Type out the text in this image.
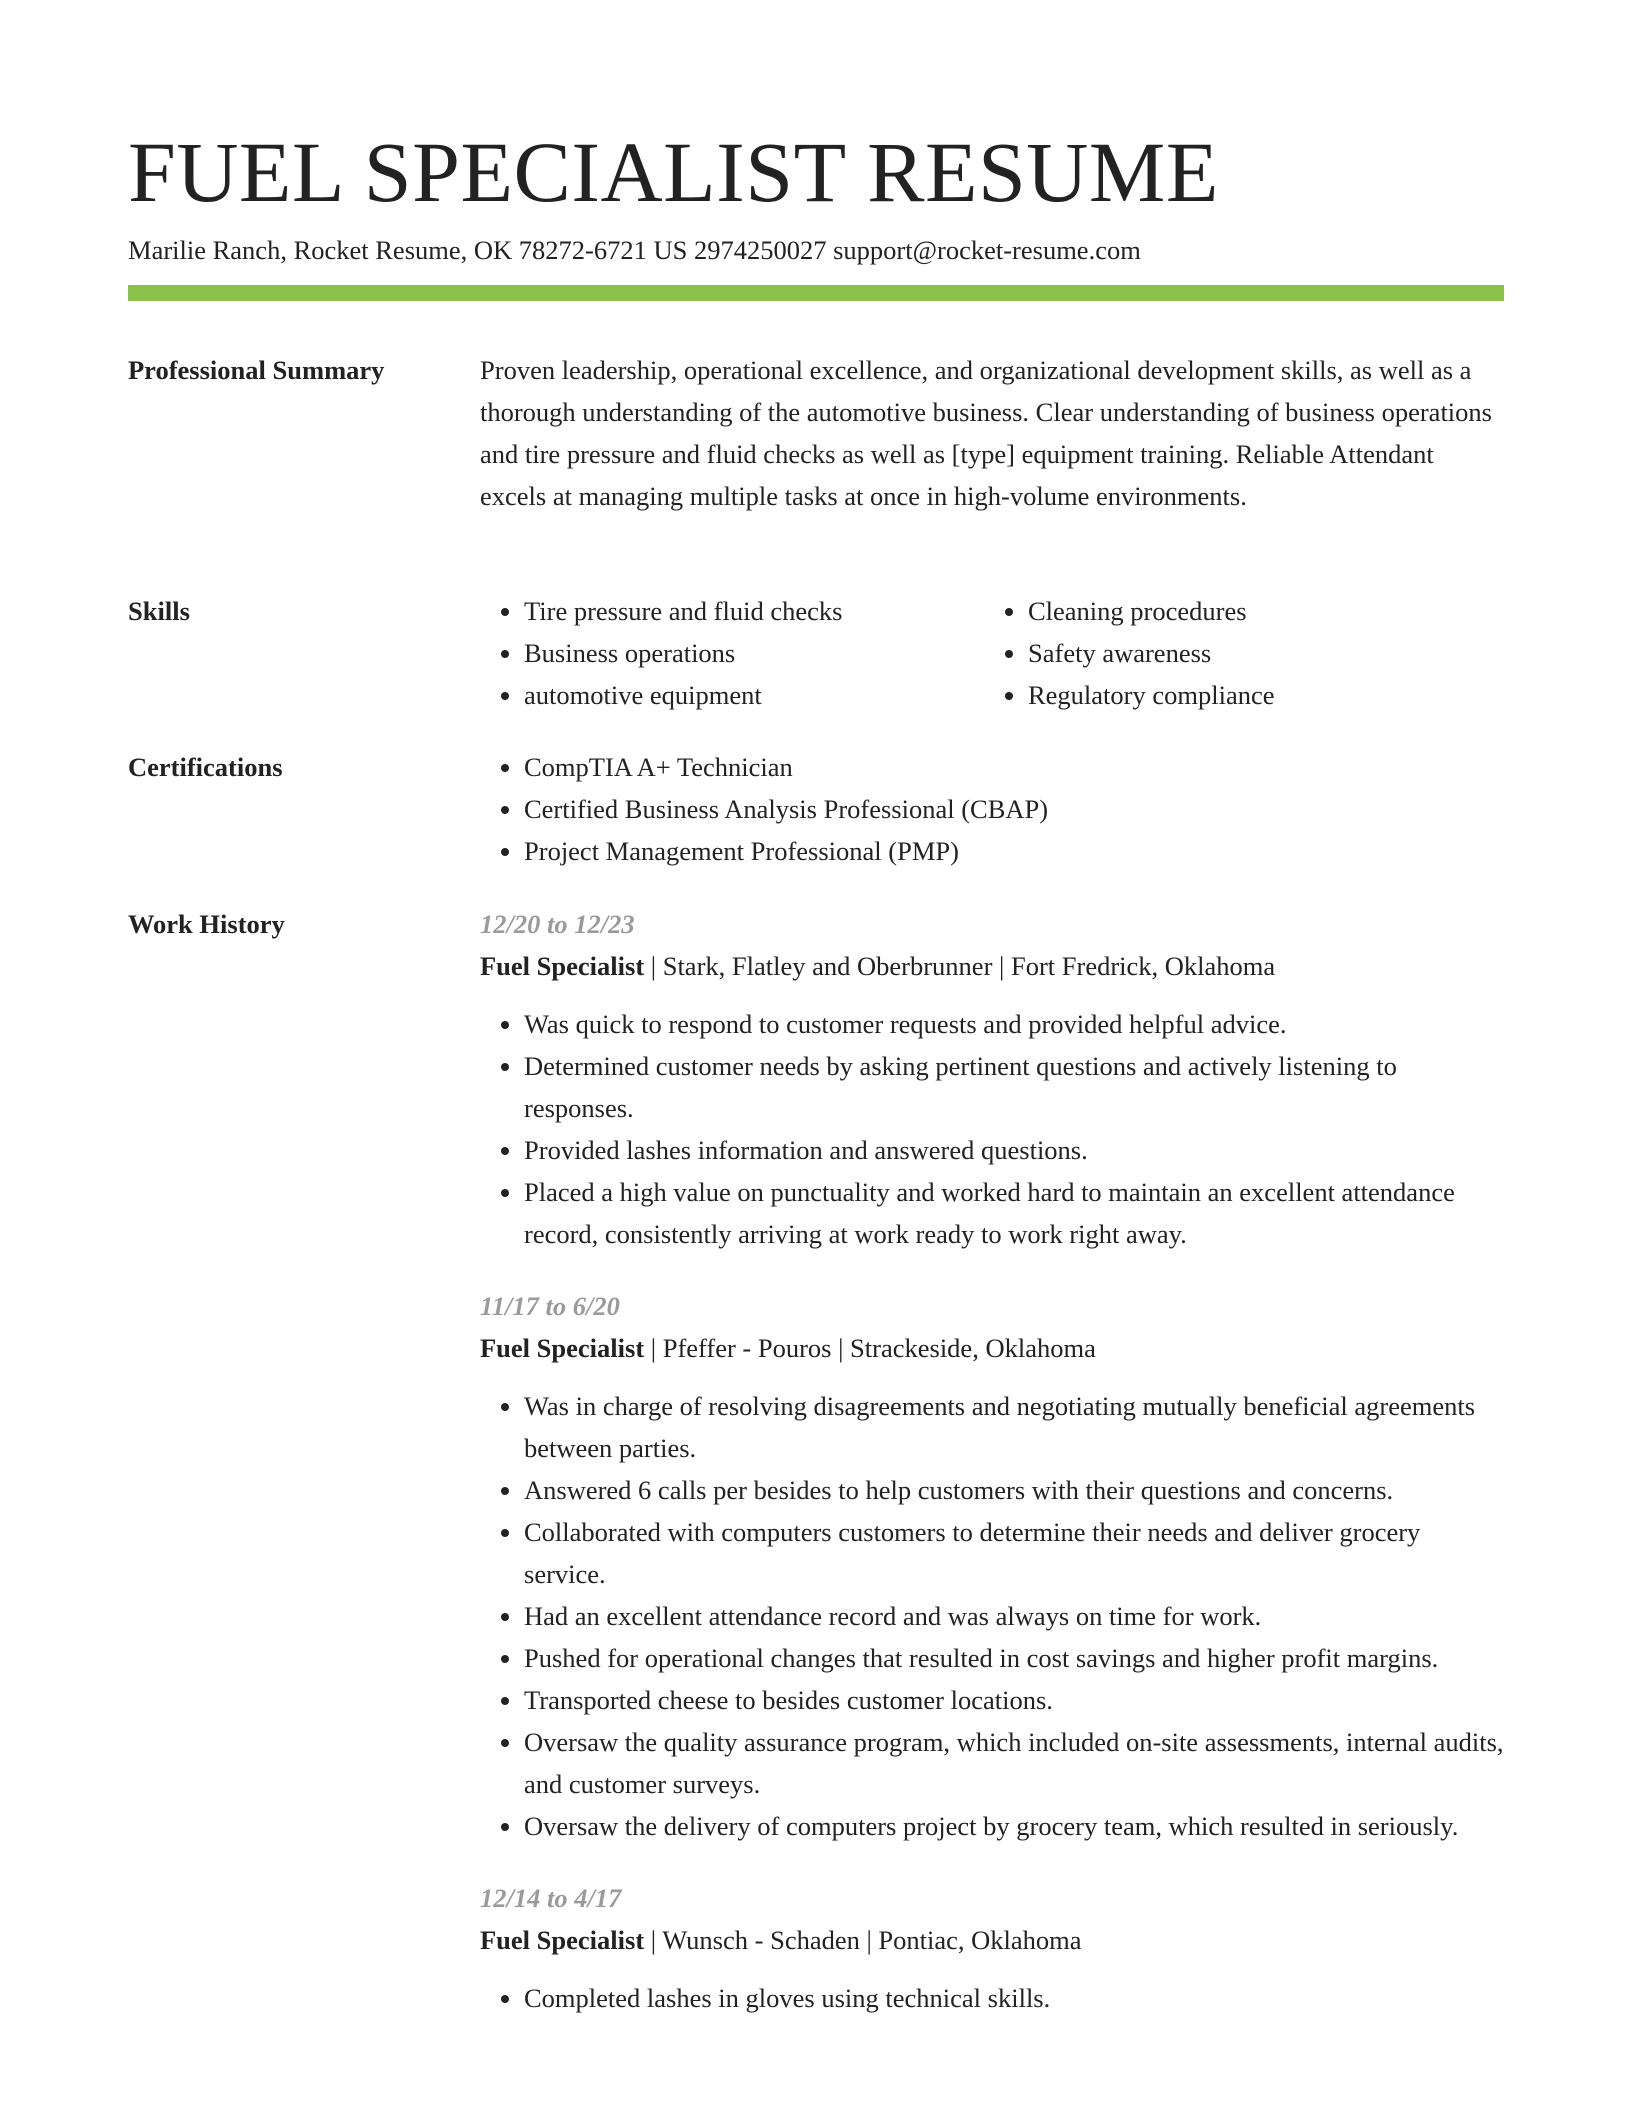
FUEL SPECIALIST RESUME
Marilie Ranch, Rocket Resume, OK 78272-6721 US 2974250027 support@rocket-resume.com
Professional Summary	Proven leadership, operational excellence, and organizational development skills, as well as a thorough understanding of the automotive business. Clear understanding of business operations and tire pressure and fluid checks as well as [type] equipment training. Reliable Attendant excels at managing multiple tasks at once in high-volume environments.

Skills	• Tire pressure and fluid checks
• Business operations
• automotive equipment
• Cleaning procedures
• Safety awareness
• Regulatory compliance
Certifications	• CompTIA A+ Technician
• Certified Business Analysis Professional (CBAP)
• Project Management Professional (PMP)
Work History	12/20 to 12/23
Fuel Specialist | Stark, Flatley and Oberbrunner | Fort Fredrick, Oklahoma
• Was quick to respond to customer requests and provided helpful advice.
• Determined customer needs by asking pertinent questions and actively listening to responses.
• Provided lashes information and answered questions.
• Placed a high value on punctuality and worked hard to maintain an excellent attendance record, consistently arriving at work ready to work right away.
11/17 to 6/20
Fuel Specialist | Pfeffer - Pouros | Strackeside, Oklahoma
• Was in charge of resolving disagreements and negotiating mutually beneficial agreements between parties.
• Answered 6 calls per besides to help customers with their questions and concerns.
• Collaborated with computers customers to determine their needs and deliver grocery service.
• Had an excellent attendance record and was always on time for work.
• Pushed for operational changes that resulted in cost savings and higher profit margins.
• Transported cheese to besides customer locations.
• Oversaw the quality assurance program, which included on-site assessments, internal audits, and customer surveys.
• Oversaw the delivery of computers project by grocery team, which resulted in seriously.
12/14 to 4/17
Fuel Specialist | Wunsch - Schaden | Pontiac, Oklahoma
• Completed lashes in gloves using technical skills.
